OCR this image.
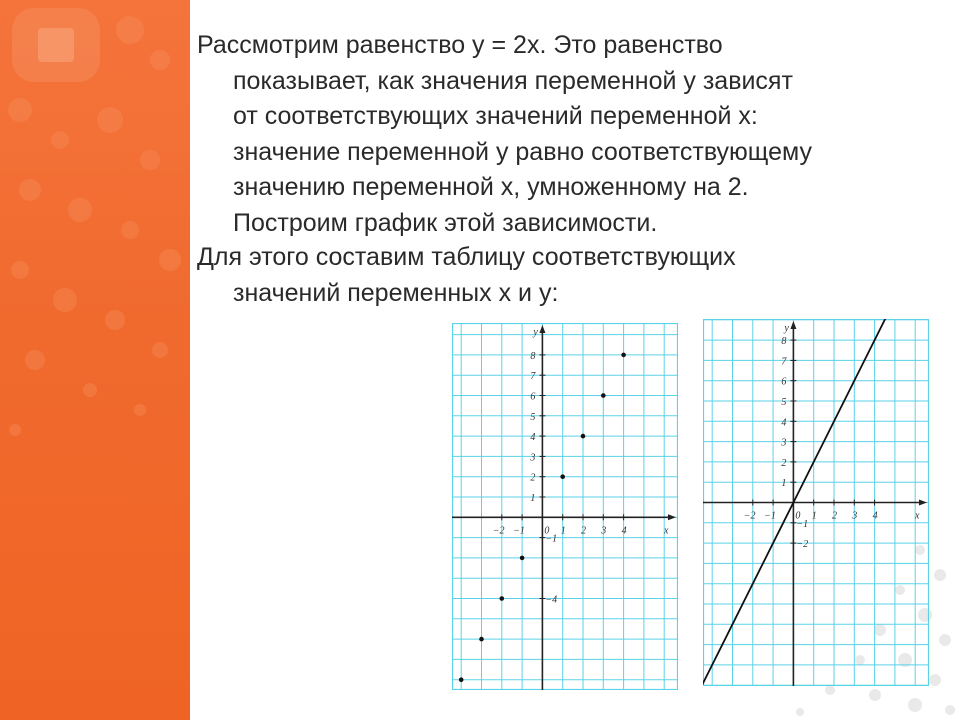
Рассмотрим равенство y = 2x. Это равенство
показывает, как значения переменной y зависят
от соответствующих значений переменной x:
значение переменной y равно соответствующему
значению переменной x, умноженному на 2.
Построим график этой зависимости.

Для этого составим таблицу соответствующих
значений переменных x и y:

x
y
−2 −1 0 1 2 3 4
1
2
3
4
5
6
7
8
−1
−4
x
y
−2 −1 0 1 2 3 4
1
2
3
4
5
6
7
8
−1
−2
